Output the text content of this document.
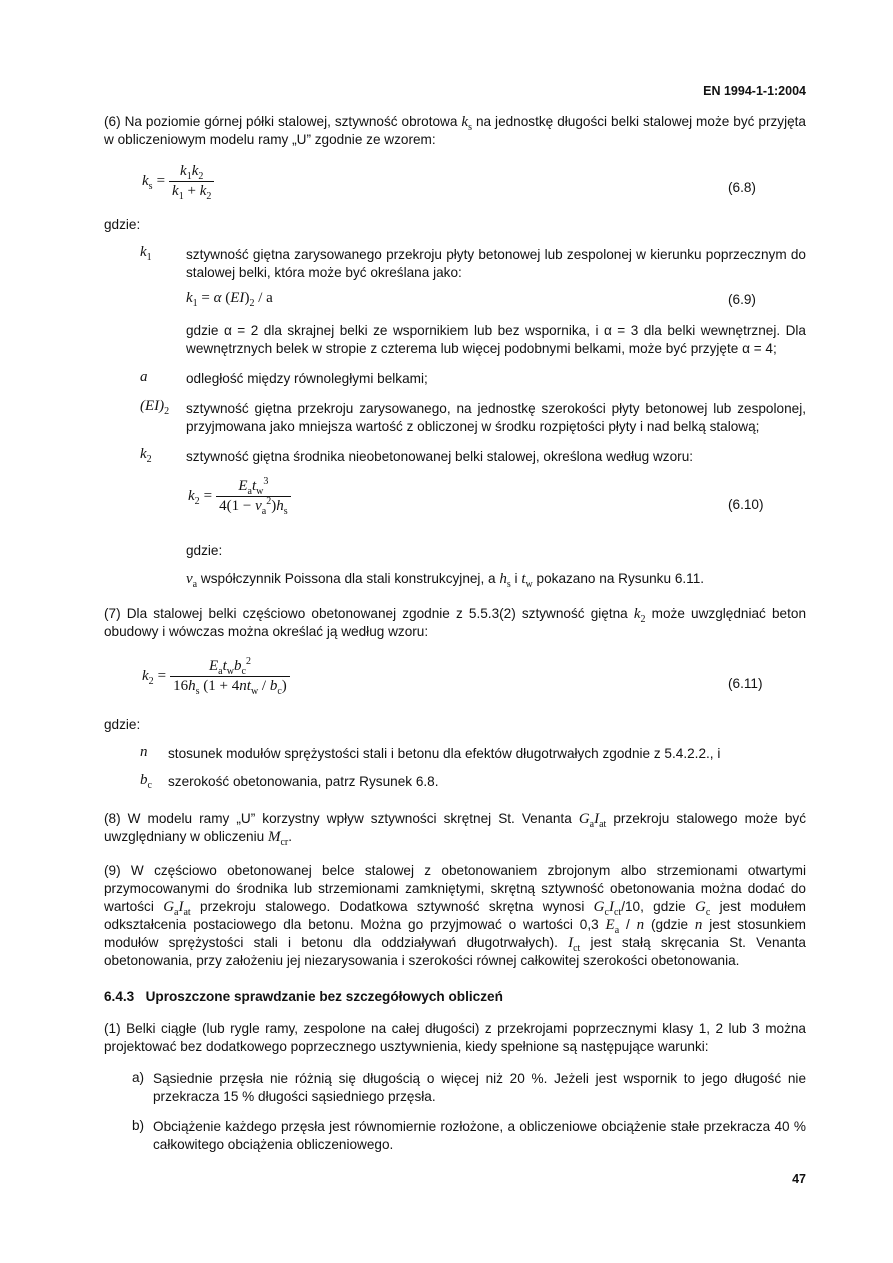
EN 1994-1-1:2004
(6) Na poziomie górnej półki stalowej, sztywność obrotowa $k_s$ na jednostkę długości belki stalowej może być przyjęta w obliczeniowym modelu ramy „U” zgodnie ze wzorem:
$k_s = \frac{k_1k_2}{k_1 + k_2}$	(6.8)
gdzie:
$k_1$	sztywność giętna zarysowanego przekroju płyty betonowej lub zespolonej w kierunku poprzecznym do stalowej belki, która może być określana jako:
$k_1 = \alpha$ $(EI)_2$ / a	(6.9)
gdzie α = 2 dla skrajnej belki ze wspornikiem lub bez wspornika, i α = 3 dla belki wewnętrznej. Dla wewnętrznych belek w stropie z czterema lub więcej podobnymi belkami, może być przyjęte α = 4;
a	odległość między równoległymi belkami;
$(EI)_2$ sztywność giętna przekroju zarysowanego, na jednostkę szerokości płyty betonowej lub zespolonej, przyjmowana jako mniejsza wartość z obliczonej w środku rozpiętości płyty i nad belką stalową;
$k_2$	sztywność giętna środnika nieobetonowanej belki stalowej, określona według wzoru:
$k_2 = \frac{E_at_w^3}{4(1 - \nu_a^2)h_s}$	(6.10)
gdzie:
$\nu_a$ współczynnik Poissona dla stali konstrukcyjnej, a $h_s$ i $t_w$ pokazano na Rysunku 6.11.
(7) Dla stalowej belki częściowo obetonowanej zgodnie z 5.5.3(2) sztywność giętna $k_2$ może uwzględniać beton obudowy i wówczas można określać ją według wzoru:
$k_2 = \frac{E_at_wb_c^2}{16h_s (1 + 4nt_w / b_c)}$	(6.11)
gdzie:
n stosunek modułów sprężystości stali i betonu dla efektów długotrwałych zgodnie z 5.4.2.2., i
$b_c$ szerokość obetonowania, patrz Rysunek 6.8.
(8) W modelu ramy „U” korzystny wpływ sztywności skrętnej St. Venanta $G_aI_{at}$ przekroju stalowego może być uwzględniany w obliczeniu $M_{cr}$.
(9) W częściowo obetonowanej belce stalowej z obetonowaniem zbrojonym albo strzemionami otwartymi przymocowanymi do środnika lub strzemionami zamkniętymi, skrętną sztywność obetonowania można dodać do wartości $G_aI_{at}$ przekroju stalowego. Dodatkowa sztywność skrętna wynosi $G_cI_{ct}/10$, gdzie $G_c$ jest modułem odkształcenia postaciowego dla betonu. Można go przyjmować o wartości 0,3 $E_a$ / n (gdzie n jest stosunkiem modułów sprężystości stali i betonu dla oddziaływań długotrwałych). $I_{ct}$ jest stałą skręcania St. Venanta obetonowania, przy założeniu jej niezarysowania i szerokości równej całkowitej szerokości obetonowania.
6.4.3 Uproszczone sprawdzanie bez szczegółowych obliczeń
(1) Belki ciągłe (lub rygle ramy, zespolone na całej długości) z przekrojami poprzecznymi klasy 1, 2 lub 3 można projektować bez dodatkowego poprzecznego usztywnienia, kiedy spełnione są następujące warunki:
a) Sąsiednie przęsła nie różnią się długością o więcej niż 20 %. Jeżeli jest wspornik to jego długość nie przekracza 15 % długości sąsiedniego przęsła.
b) Obciążenie każdego przęsła jest równomiernie rozłożone, a obliczeniowe obciążenie stałe przekracza 40 % całkowitego obciążenia obliczeniowego.
47
